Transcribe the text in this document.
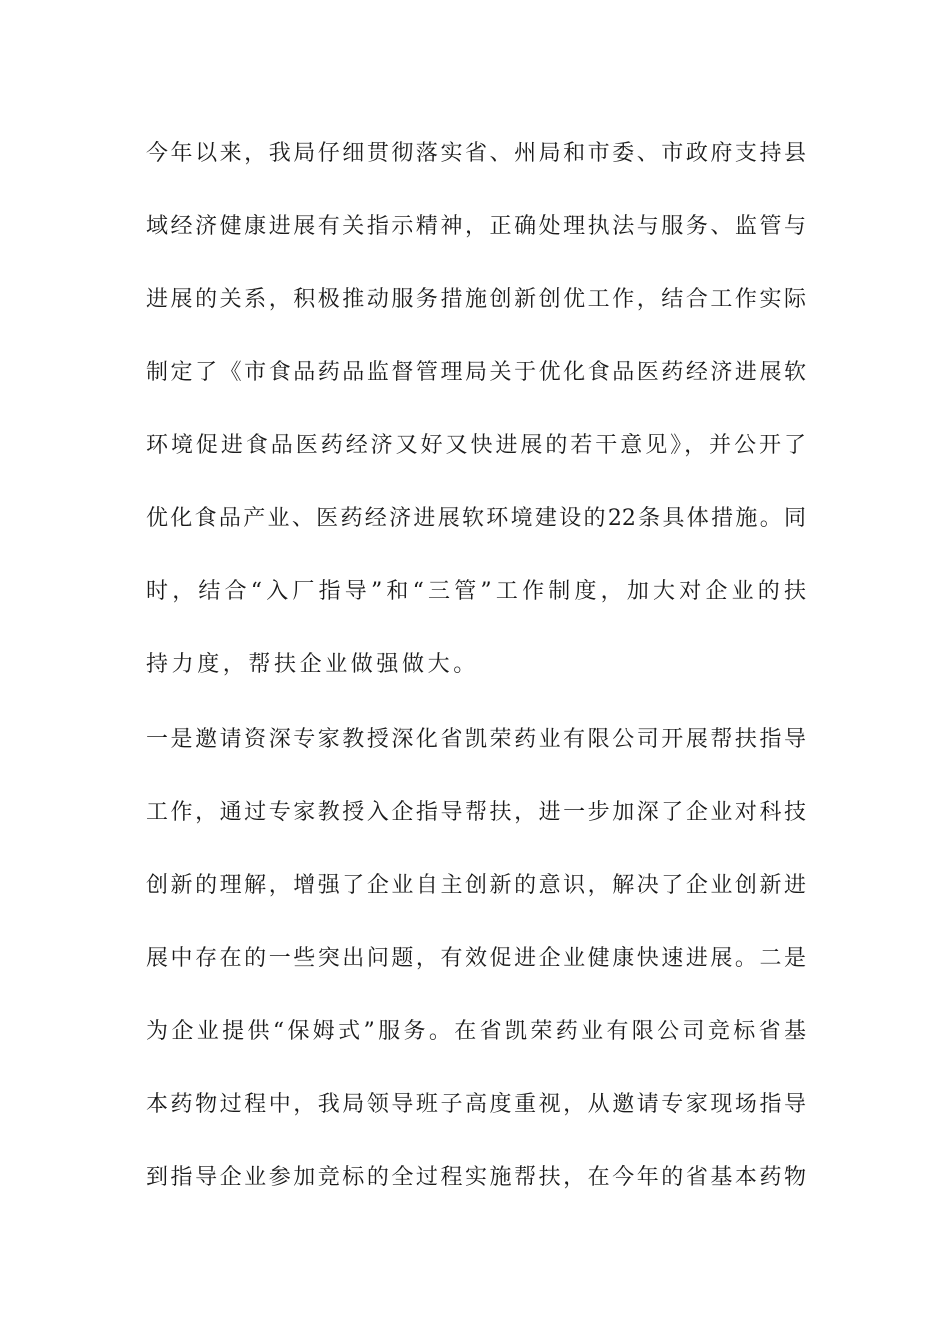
今年以来，我局仔细贯彻落实省、州局和市委、市政府支持县
域经济健康进展有关指示精神，正确处理执法与服务、监管与
进展的关系，积极推动服务措施创新创优工作，结合工作实际
制定了《市食品药品监督管理局关于优化食品医药经济进展软
环境促进食品医药经济又好又快进展的若干意见》，并公开了
优化食品产业、医药经济进展软环境建设的22条具体措施。同
时，结合“入厂指导”和“三管”工作制度，加大对企业的扶
持力度，帮扶企业做强做大。
一是邀请资深专家教授深化省凯荣药业有限公司开展帮扶指导
工作，通过专家教授入企指导帮扶，进一步加深了企业对科技
创新的理解，增强了企业自主创新的意识，解决了企业创新进
展中存在的一些突出问题，有效促进企业健康快速进展。二是
为企业提供“保姆式”服务。在省凯荣药业有限公司竞标省基
本药物过程中，我局领导班子高度重视，从邀请专家现场指导
到指导企业参加竞标的全过程实施帮扶，在今年的省基本药物
